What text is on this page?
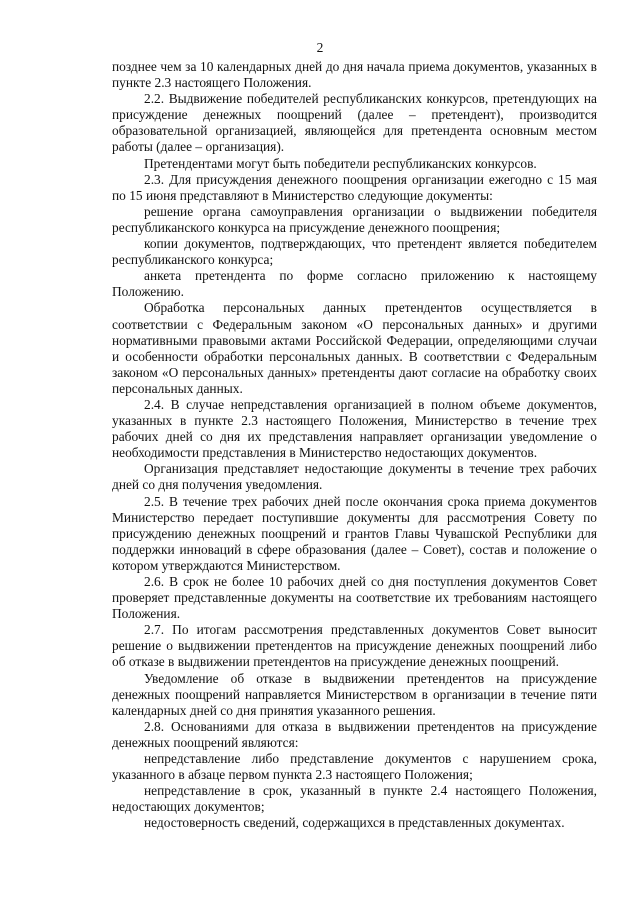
2

позднее чем за 10 календарных дней до дня начала приема документов, указанных в пункте 2.3 настоящего Положения.

2.2. Выдвижение победителей республиканских конкурсов, претендующих на присуждение денежных поощрений (далее – претендент), производится образовательной организацией, являющейся для претендента основным местом работы (далее – организация).

Претендентами могут быть победители республиканских конкурсов.

2.3. Для присуждения денежного поощрения организации ежегодно с 15 мая по 15 июня представляют в Министерство следующие документы:

решение органа самоуправления организации о выдвижении победителя республиканского конкурса на присуждение денежного поощрения;

копии документов, подтверждающих, что претендент является победителем республиканского конкурса;

анкета претендента по форме согласно приложению к настоящему Положению.

Обработка персональных данных претендентов осуществляется в соответствии с Федеральным законом «О персональных данных» и другими нормативными правовыми актами Российской Федерации, определяющими случаи и особенности обработки персональных данных. В соответствии с Федеральным законом «О персональных данных» претенденты дают согласие на обработку своих персональных данных.

2.4. В случае непредставления организацией в полном объеме документов, указанных в пункте 2.3 настоящего Положения, Министерство в течение трех рабочих дней со дня их представления направляет организации уведомление о необходимости представления в Министерство недостающих документов.

Организация представляет недостающие документы в течение трех рабочих дней со дня получения уведомления.

2.5. В течение трех рабочих дней после окончания срока приема документов Министерство передает поступившие документы для рассмотрения Совету по присуждению денежных поощрений и грантов Главы Чувашской Республики для поддержки инноваций в сфере образования (далее – Совет), состав и положение о котором утверждаются Министерством.

2.6. В срок не более 10 рабочих дней со дня поступления документов Совет проверяет представленные документы на соответствие их требованиям настоящего Положения.

2.7. По итогам рассмотрения представленных документов Совет выносит решение о выдвижении претендентов на присуждение денежных поощрений либо об отказе в выдвижении претендентов на присуждение денежных поощрений.

Уведомление об отказе в выдвижении претендентов на присуждение денежных поощрений направляется Министерством в организации в течение пяти календарных дней со дня принятия указанного решения.

2.8. Основаниями для отказа в выдвижении претендентов на присуждение денежных поощрений являются:

непредставление либо представление документов с нарушением срока, указанного в абзаце первом пункта 2.3 настоящего Положения;

непредставление в срок, указанный в пункте 2.4 настоящего Положения, недостающих документов;

недостоверность сведений, содержащихся в представленных документах.
